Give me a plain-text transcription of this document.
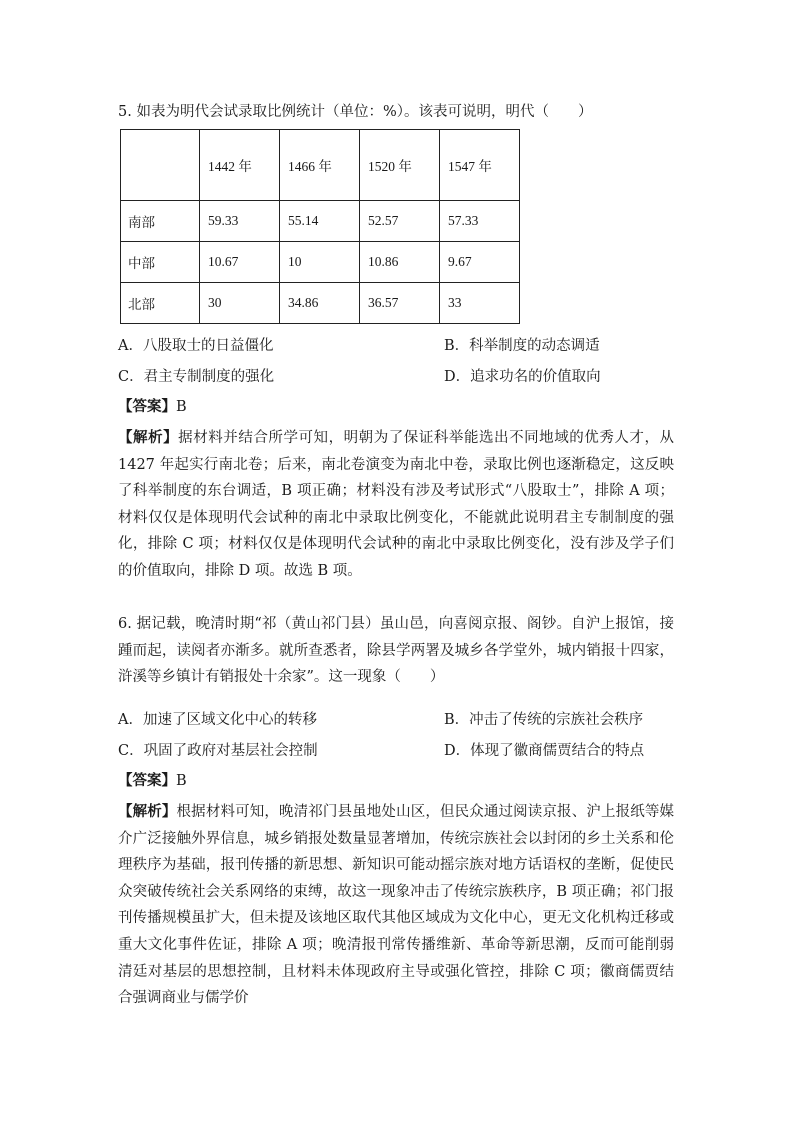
5. 如表为明代会试录取比例统计（单位：%）。该表可说明，明代（　　）
	1442 年	1466 年	1520 年	1547 年
南部	59.33	55.14	52.57	57.33
中部	10.67	10	10.86	9.67
北部	30	34.86	36.57	33
A．八股取士的日益僵化	B．科举制度的动态调适
C．君主专制制度的强化	D．追求功名的价值取向
【答案】B
【解析】据材料并结合所学可知，明朝为了保证科举能选出不同地域的优秀人才，从 1427 年起实行南北卷；后来，南北卷演变为南北中卷，录取比例也逐渐稳定，这反映了科举制度的东台调适，B 项正确；材料没有涉及考试形式“八股取士”，排除 A 项；材料仅仅是体现明代会试种的南北中录取比例变化，不能就此说明君主专制制度的强化，排除 C 项；材料仅仅是体现明代会试种的南北中录取比例变化，没有涉及学子们的价值取向，排除 D 项。故选 B 项。
6. 据记载，晚清时期“祁（黄山祁门县）虽山邑，向喜阅京报、阁钞。自沪上报馆，接踵而起，读阅者亦渐多。就所查悉者，除县学两署及城乡各学堂外，城内销报十四家，浒溪等乡镇计有销报处十余家”。这一现象（　　）
A．加速了区域文化中心的转移	B．冲击了传统的宗族社会秩序
C．巩固了政府对基层社会控制	D．体现了徽商儒贾结合的特点
【答案】B
【解析】根据材料可知，晚清祁门县虽地处山区，但民众通过阅读京报、沪上报纸等媒介广泛接触外界信息，城乡销报处数量显著增加，传统宗族社会以封闭的乡土关系和伦理秩序为基础，报刊传播的新思想、新知识可能动摇宗族对地方话语权的垄断，促使民众突破传统社会关系网络的束缚，故这一现象冲击了传统宗族秩序，B 项正确；祁门报刊传播规模虽扩大，但未提及该地区取代其他区域成为文化中心，更无文化机构迁移或重大文化事件佐证，排除 A 项；晚清报刊常传播维新、革命等新思潮，反而可能削弱清廷对基层的思想控制，且材料未体现政府主导或强化管控，排除 C 项；徽商儒贾结合强调商业与儒学价
